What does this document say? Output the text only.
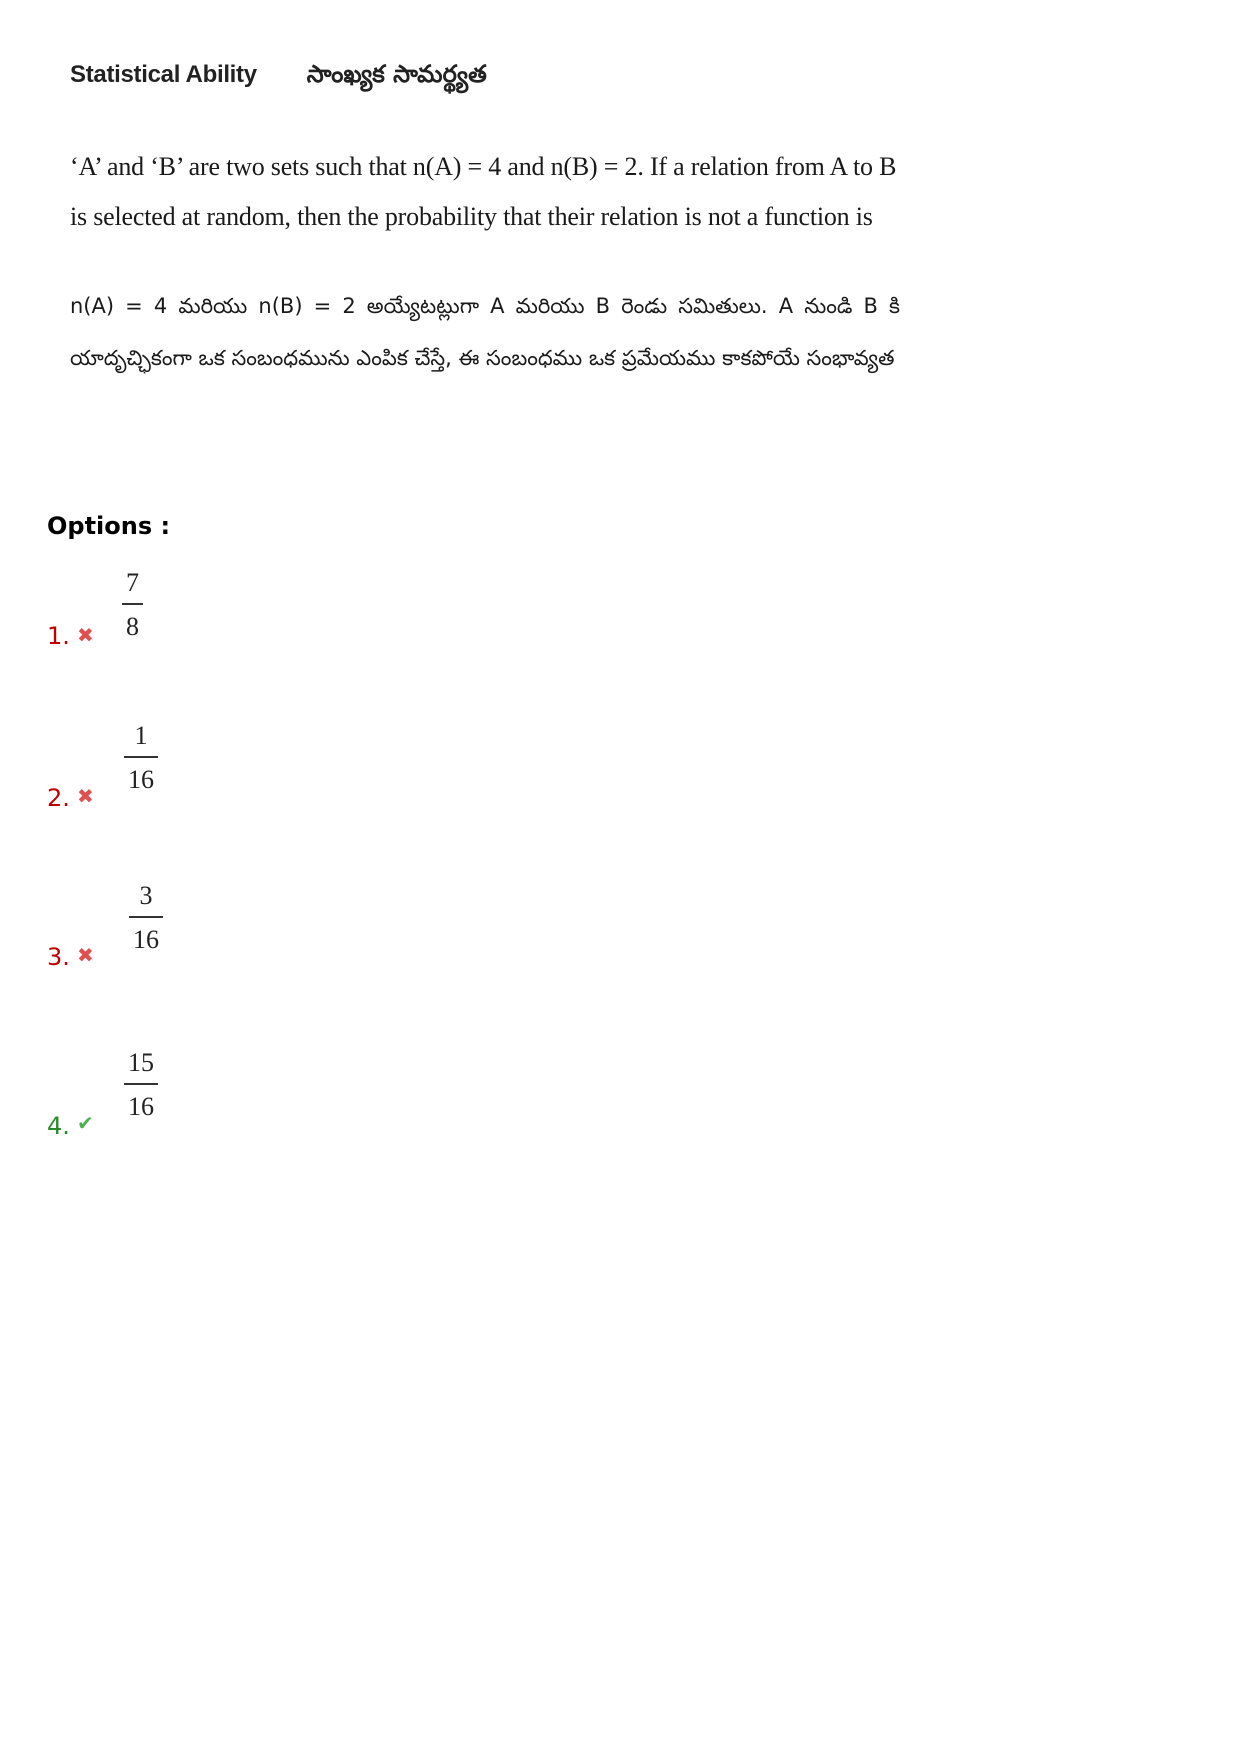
Statistical Ability సాంఖ్యక సామర్థ్యత
‘A’ and ‘B’ are two sets such that n(A) = 4 and n(B) = 2. If a relation from A to B
is selected at random, then the probability that their relation is not a function is
n(A) = 4 మరియు n(B) = 2 అయ్యేటట్లుగా A మరియు B రెండు సమితులు. A నుండి B కి యాదృచ్ఛికంగా ఒక సంబంధమును ఎంపిక చేస్తే, ఈ సంబంధము ఒక ప్రమేయము కాకపోయే సంభావ్యత
Options :
1. ✖
7
8
2. ✖
1
16
3. ✖
3
16
4. ✔
15
16
